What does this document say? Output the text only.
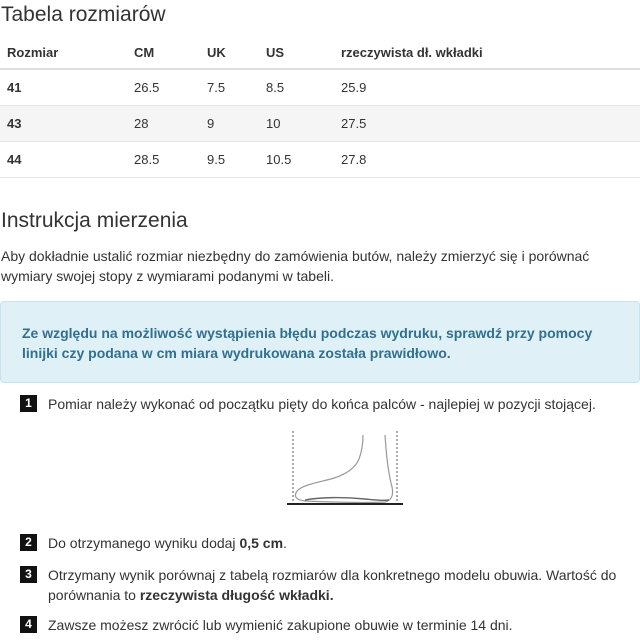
Tabela rozmiarów
Rozmiar	CM	UK	US	rzeczywista dł. wkładki
41	26.5	7.5	8.5	25.9
43	28	9	10	27.5
44	28.5	9.5	10.5	27.8
Instrukcja mierzenia
Aby dokładnie ustalić rozmiar niezbędny do zamówienia butów, należy zmierzyć się i porównać wymiary swojej stopy z wymiarami podanymi w tabeli.

Ze względu na możliwość wystąpienia błędu podczas wydruku, sprawdź przy pomocy linijki czy podana w cm miara wydrukowana została prawidłowo.

1	Pomiar należy wykonać od początku pięty do końca palców - najlepiej w pozycji stojącej.
2	Do otrzymanego wyniku dodaj 0,5 cm.
3	Otrzymany wynik porównaj z tabelą rozmiarów dla konkretnego modelu obuwia. Wartość do porównania to rzeczywista długość wkładki.
4	Zawsze możesz zwrócić lub wymienić zakupione obuwie w terminie 14 dni.
